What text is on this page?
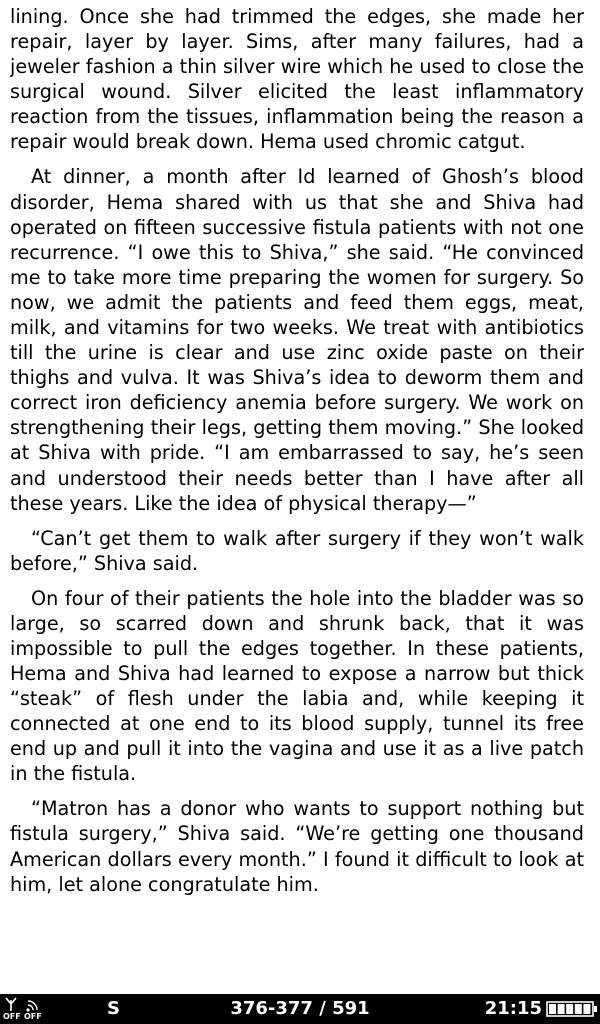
lining. Once she had trimmed the edges, she made her repair, layer by layer. Sims, after many failures, had a jeweler fashion a thin silver wire which he used to close the surgical wound. Silver elicited the least inflammatory reaction from the tissues, inflammation being the reason a repair would break down. Hema used chromic catgut.

At dinner, a month after Id learned of Ghosh’s blood disorder, Hema shared with us that she and Shiva had operated on fifteen successive fistula patients with not one recurrence. “I owe this to Shiva,” she said. “He convinced me to take more time preparing the women for surgery. So now, we admit the patients and feed them eggs, meat, milk, and vitamins for two weeks. We treat with antibiotics till the urine is clear and use zinc oxide paste on their thighs and vulva. It was Shiva’s idea to deworm them and correct iron deficiency anemia before surgery. We work on strengthening their legs, getting them moving.” She looked at Shiva with pride. “I am embarrassed to say, he’s seen and understood their needs better than I have after all these years. Like the idea of physical therapy—”

“Can’t get them to walk after surgery if they won’t walk before,” Shiva said.

On four of their patients the hole into the bladder was so large, so scarred down and shrunk back, that it was impossible to pull the edges together. In these patients, Hema and Shiva had learned to expose a narrow but thick “steak” of flesh under the labia and, while keeping it connected at one end to its blood supply, tunnel its free end up and pull it into the vagina and use it as a live patch in the fistula.

“Matron has a donor who wants to support nothing but fistula surgery,” Shiva said. “We’re getting one thousand American dollars every month.” I found it difficult to look at him, let alone congratulate him.

OFF OFF	S	376-377 / 591	21:15
